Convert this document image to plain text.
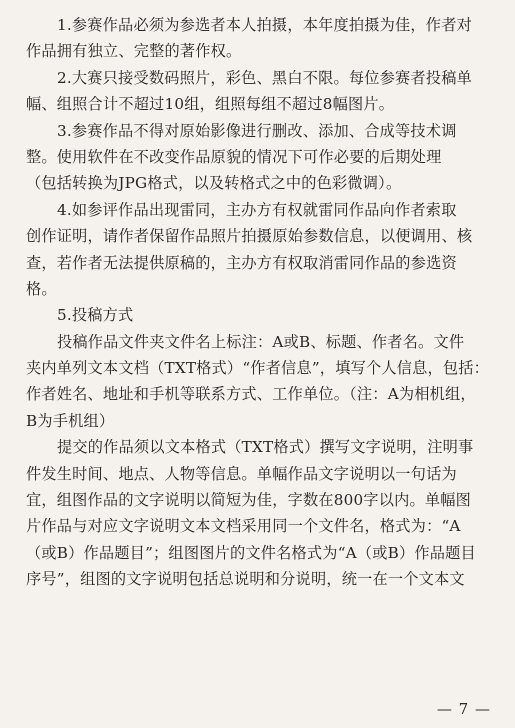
1.参赛作品必须为参选者本人拍摄，本年度拍摄为佳，作者对
作品拥有独立、完整的著作权。
2.大赛只接受数码照片，彩色、黑白不限。每位参赛者投稿单
幅、组照合计不超过10组，组照每组不超过8幅图片。
3.参赛作品不得对原始影像进行删改、添加、合成等技术调
整。使用软件在不改变作品原貌的情况下可作必要的后期处理
（包括转换为JPG格式，以及转格式之中的色彩微调）。
4.如参评作品出现雷同，主办方有权就雷同作品向作者索取
创作证明，请作者保留作品照片拍摄原始参数信息，以便调用、核
查，若作者无法提供原稿的，主办方有权取消雷同作品的参选资
格。
5.投稿方式
投稿作品文件夹文件名上标注：A或B、标题、作者名。文件
夹内单列文本文档（TXT格式）“作者信息”，填写个人信息，包括：
作者姓名、地址和手机等联系方式、工作单位。（注：A为相机组，
B为手机组）
提交的作品须以文本格式（TXT格式）撰写文字说明，注明事
件发生时间、地点、人物等信息。单幅作品文字说明以一句话为
宜，组图作品的文字说明以简短为佳，字数在800字以内。单幅图
片作品与对应文字说明文本文档采用同一个文件名，格式为：“A
（或B）作品题目”；组图图片的文件名格式为“A（或B）作品题目
序号”，组图的文字说明包括总说明和分说明，统一在一个文本文
— 7 —
